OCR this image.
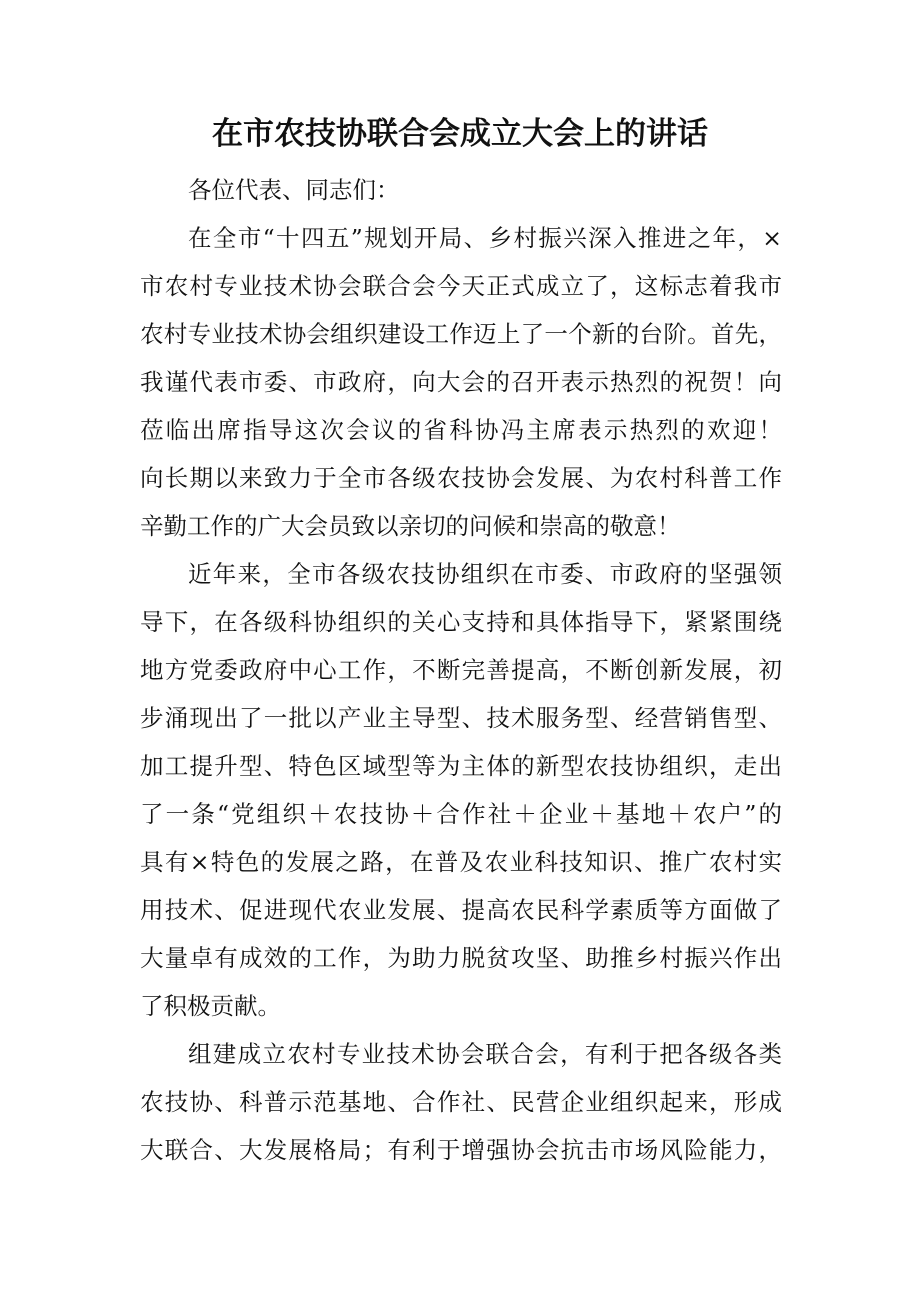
在市农技协联合会成立大会上的讲话
各位代表、同志们：
在全市“十四五”规划开局、乡村振兴深入推进之年，×
市农村专业技术协会联合会今天正式成立了，这标志着我市
农村专业技术协会组织建设工作迈上了一个新的台阶。首先，
我谨代表市委、市政府，向大会的召开表示热烈的祝贺！向
莅临出席指导这次会议的省科协冯主席表示热烈的欢迎！
向长期以来致力于全市各级农技协会发展、为农村科普工作
辛勤工作的广大会员致以亲切的问候和崇高的敬意！
近年来，全市各级农技协组织在市委、市政府的坚强领
导下，在各级科协组织的关心支持和具体指导下，紧紧围绕
地方党委政府中心工作，不断完善提高，不断创新发展，初
步涌现出了一批以产业主导型、技术服务型、经营销售型、
加工提升型、特色区域型等为主体的新型农技协组织，走出
了一条“党组织＋农技协＋合作社＋企业＋基地＋农户”的
具有×特色的发展之路，在普及农业科技知识、推广农村实
用技术、促进现代农业发展、提高农民科学素质等方面做了
大量卓有成效的工作，为助力脱贫攻坚、助推乡村振兴作出
了积极贡献。
组建成立农村专业技术协会联合会，有利于把各级各类
农技协、科普示范基地、合作社、民营企业组织起来，形成
大联合、大发展格局；有利于增强协会抗击市场风险能力，
